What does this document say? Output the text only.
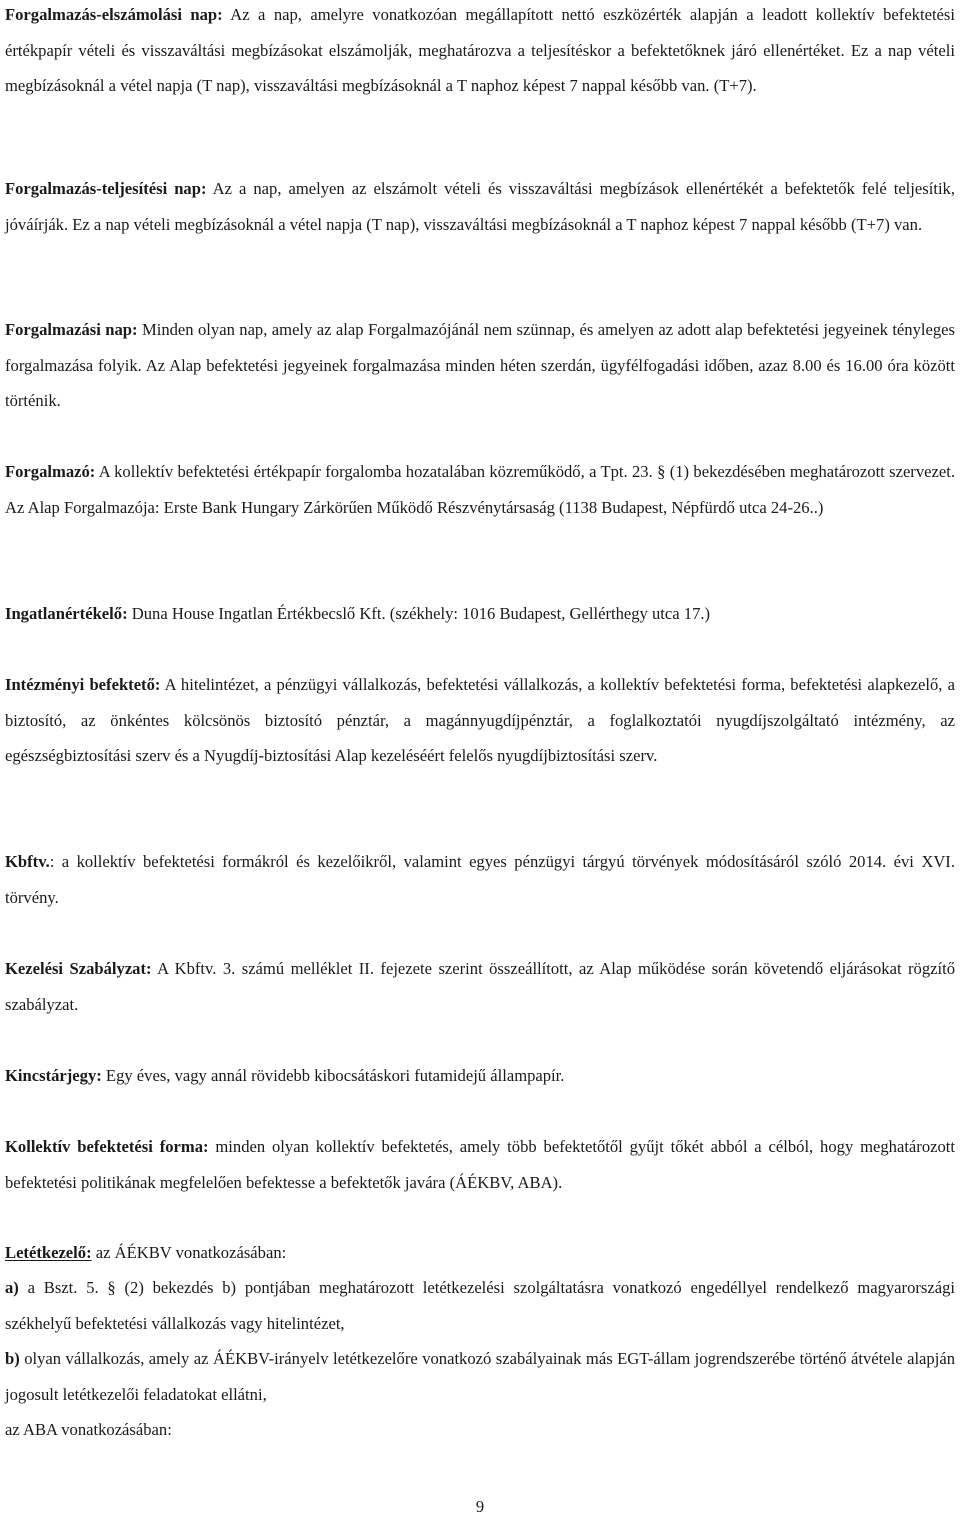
Forgalmazás-elszámolási nap: Az a nap, amelyre vonatkozóan megállapított nettó eszközérték alapján a leadott kollektív befektetési értékpapír vételi és visszaváltási megbízásokat elszámolják, meghatározva a teljesítéskor a befektetőknek járó ellenértéket. Ez a nap vételi megbízásoknál a vétel napja (T nap), visszaváltási megbízásoknál a T naphoz képest 7 nappal később van. (T+7).

Forgalmazás-teljesítési nap: Az a nap, amelyen az elszámolt vételi és visszaváltási megbízások ellenértékét a befektetők felé teljesítik, jóváírják. Ez a nap vételi megbízásoknál a vétel napja (T nap), visszaváltási megbízásoknál a T naphoz képest 7 nappal később (T+7) van.

Forgalmazási nap: Minden olyan nap, amely az alap Forgalmazójánál nem szünnap, és amelyen az adott alap befektetési jegyeinek tényleges forgalmazása folyik. Az Alap befektetési jegyeinek forgalmazása minden héten szerdán, ügyfélfogadási időben, azaz 8.00 és 16.00 óra között történik.

Forgalmazó: A kollektív befektetési értékpapír forgalomba hozatalában közreműködő, a Tpt. 23. § (1) bekezdésében meghatározott szervezet. Az Alap Forgalmazója: Erste Bank Hungary Zárkörűen Működő Részvénytársaság (1138 Budapest, Népfürdő utca 24-26..)

Ingatlanértékelő: Duna House Ingatlan Értékbecslő Kft. (székhely: 1016 Budapest, Gellérthegy utca 17.)

Intézményi befektető: A hitelintézet, a pénzügyi vállalkozás, befektetési vállalkozás, a kollektív befektetési forma, befektetési alapkezelő, a biztosító, az önkéntes kölcsönös biztosító pénztár, a magánnyugdíjpénztár, a foglalkoztatói nyugdíjszolgáltató intézmény, az egészségbiztosítási szerv és a Nyugdíj-biztosítási Alap kezeléséért felelős nyugdíjbiztosítási szerv.

Kbftv.: a kollektív befektetési formákról és kezelőikről, valamint egyes pénzügyi tárgyú törvények módosításáról szóló 2014. évi XVI. törvény.

Kezelési Szabályzat: A Kbftv. 3. számú melléklet II. fejezete szerint összeállított, az Alap működése során követendő eljárásokat rögzítő szabályzat.

Kincstárjegy: Egy éves, vagy annál rövidebb kibocsátáskori futamidejű állampapír.

Kollektív befektetési forma: minden olyan kollektív befektetés, amely több befektetőtől gyűjt tőkét abból a célból, hogy meghatározott befektetési politikának megfelelően befektesse a befektetők javára (ÁÉKBV, ABA).

Letétkezelő: az ÁÉKBV vonatkozásában:

a) a Bszt. 5. § (2) bekezdés b) pontjában meghatározott letétkezelési szolgáltatásra vonatkozó engedéllyel rendelkező magyarországi székhelyű befektetési vállalkozás vagy hitelintézet,

b) olyan vállalkozás, amely az ÁÉKBV-irányelv letétkezelőre vonatkozó szabályainak más EGT-állam jogrendszerébe történő átvétele alapján jogosult letétkezelői feladatokat ellátni,

az ABA vonatkozásában:

9
